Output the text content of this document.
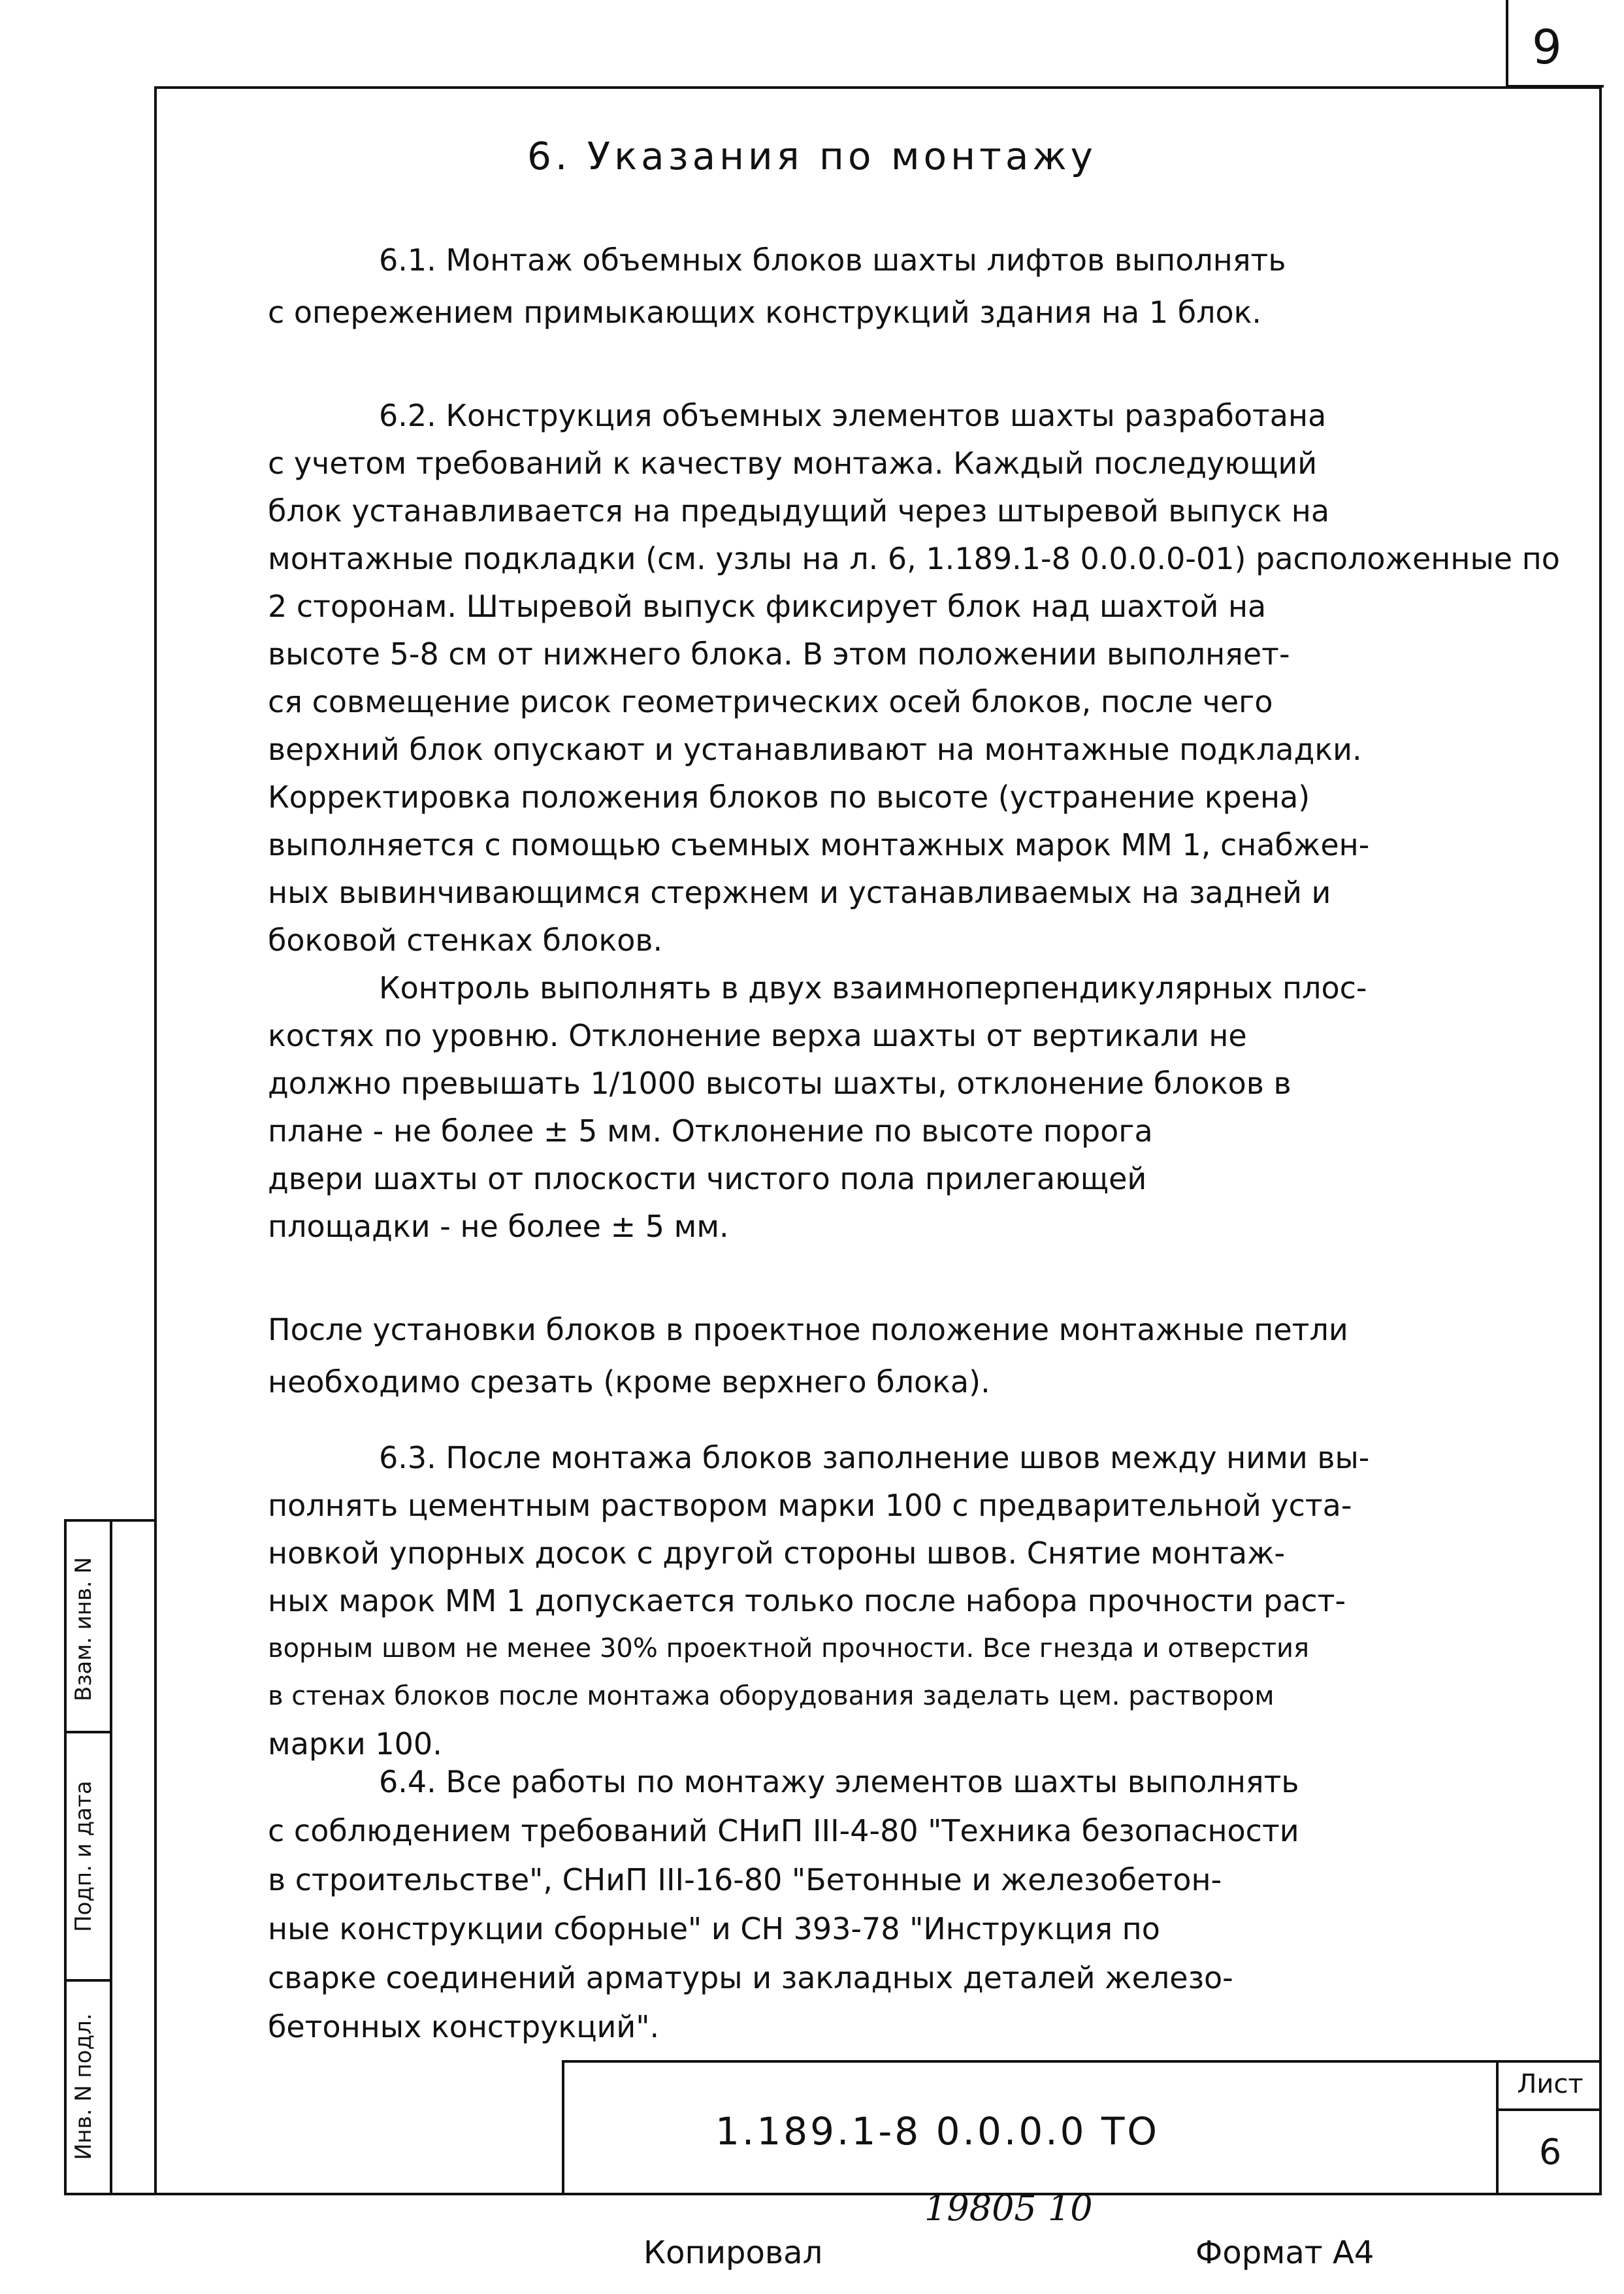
9
6. Указания по монтажу
6.1. Монтаж объемных блоков шахты лифтов выполнять
с опережением примыкающих конструкций здания на 1 блок.
6.2. Конструкция объемных элементов шахты разработана
с учетом требований к качеству монтажа. Каждый последующий
блок устанавливается на предыдущий через штыревой выпуск на
монтажные подкладки (см. узлы на л. 6, 1.189.1-8 0.0.0.0-01) расположенные по
2 сторонам. Штыревой выпуск фиксирует блок над шахтой на
высоте 5-8 см от нижнего блока. В этом положении выполняет-
ся совмещение рисок геометрических осей блоков, после чего
верхний блок опускают и устанавливают на монтажные подкладки.
Корректировка положения блоков по высоте (устранение крена)
выполняется с помощью съемных монтажных марок ММ 1, снабжен-
ных вывинчивающимся стержнем и устанавливаемых на задней и
боковой стенках блоков.
Контроль выполнять в двух взаимноперпендикулярных плос-
костях по уровню. Отклонение верха шахты от вертикали не
должно превышать 1/1000 высоты шахты, отклонение блоков в
плане - не более ± 5 мм. Отклонение по высоте порога
двери шахты от плоскости чистого пола прилегающей
площадки - не более ± 5 мм.
После установки блоков в проектное положение монтажные петли
необходимо срезать (кроме верхнего блока).
6.3. После монтажа блоков заполнение швов между ними вы-
полнять цементным раствором марки 100 с предварительной уста-
новкой упорных досок с другой стороны швов. Снятие монтаж-
ных марок ММ 1 допускается только после набора прочности раст-
ворным швом не менее 30% проектной прочности. Все гнезда и отверстия
в стенах блоков после монтажа оборудования заделать цем. раствором
марки 100.
6.4. Все работы по монтажу элементов шахты выполнять
с соблюдением требований СНиП III-4-80 "Техника безопасности
в строительстве", СНиП III-16-80 "Бетонные и железобетон-
ные конструкции сборные" и СН 393-78 "Инструкция по
сварке соединений арматуры и закладных деталей железо-
бетонных конструкций".
Взам. инв. N
Подп. и дата
Инв. N подл.	1.189.1-8 0.0.0.0 ТО
Лист
6
19805 10
Копировал	Формат А4
